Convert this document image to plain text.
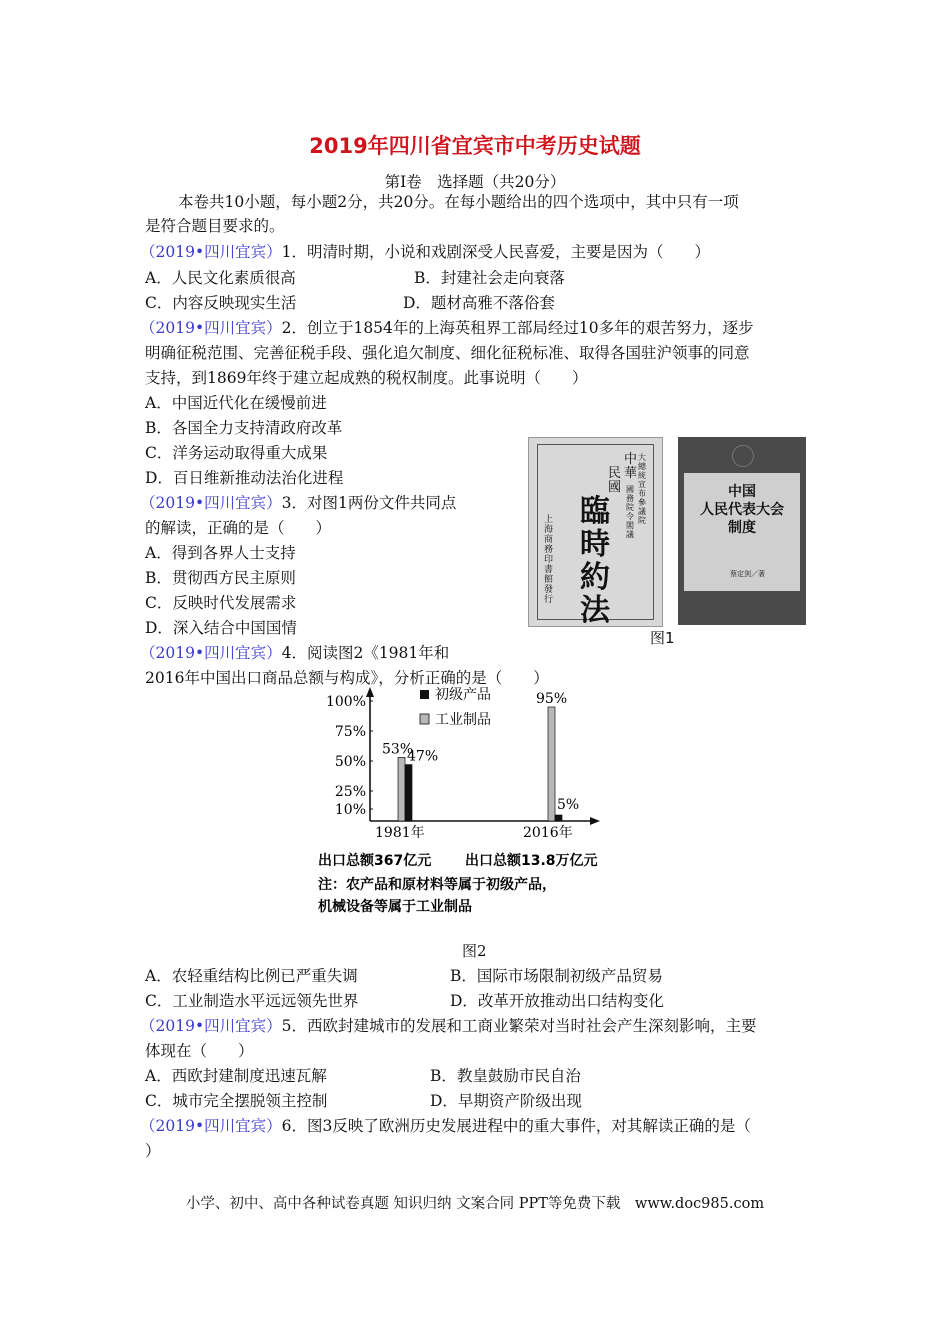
2019年四川省宜宾市中考历史试题
第Ⅰ卷　选择题（共20分）
本卷共10小题，每小题2分，共20分。在每小题给出的四个选项中，其中只有一项
是符合题目要求的。
（2019•四川宜宾）1．明清时期，小说和戏剧深受人民喜爱，主要是因为（　　）
A．人民文化素质很高	B．封建社会走向衰落
C．内容反映现实生活	D．题材高雅不落俗套
（2019•四川宜宾）2．创立于1854年的上海英租界工部局经过10多年的艰苦努力，逐步
明确征税范围、完善征税手段、强化追欠制度、细化征税标准、取得各国驻沪领事的同意
支持，到1869年终于建立起成熟的税权制度。此事说明（　　）
A．中国近代化在缓慢前进
B．各国全力支持清政府改革
C．洋务运动取得重大成果
D．百日维新推动法治化进程
（2019•四川宜宾）3．对图1两份文件共同点
的解读，正确的是（　　）
A．得到各界人士支持
B．贯彻西方民主原则
C．反映时代发展需求
D．深入结合中国国情
中
華
民
國
臨
時
約
法
大
總
統
宣
布
參
議
院
國
務
院
令
閣
議
上
海
商
務
印
書
館
發
行
中国
人民代表大会
制度
蔡定剑／著
图1
（2019•四川宜宾）4．阅读图2《1981年和
2016年中国出口商品总额与构成》，分析正确的是（　　）
100%
75%
50%
25%
10%
初级产品
工业制品
53%
47%
95%
5%
1981年	2016年
出口总额367亿元 出口总额13.8万亿元
注：农产品和原材料等属于初级产品，
机械设备等属于工业制品
图2
A．农轻重结构比例已严重失调	B．国际市场限制初级产品贸易
C．工业制造水平远远领先世界	D．改革开放推动出口结构变化
（2019•四川宜宾）5．西欧封建城市的发展和工商业繁荣对当时社会产生深刻影响，主要
体现在（　　）
A．西欧封建制度迅速瓦解	B．教皇鼓励市民自治
C．城市完全摆脱领主控制	D．早期资产阶级出现
（2019•四川宜宾）6．图3反映了欧洲历史发展进程中的重大事件，对其解读正确的是（
）
小学、初中、高中各种试卷真题 知识归纳 文案合同 PPT等免费下载　www.doc985.com
